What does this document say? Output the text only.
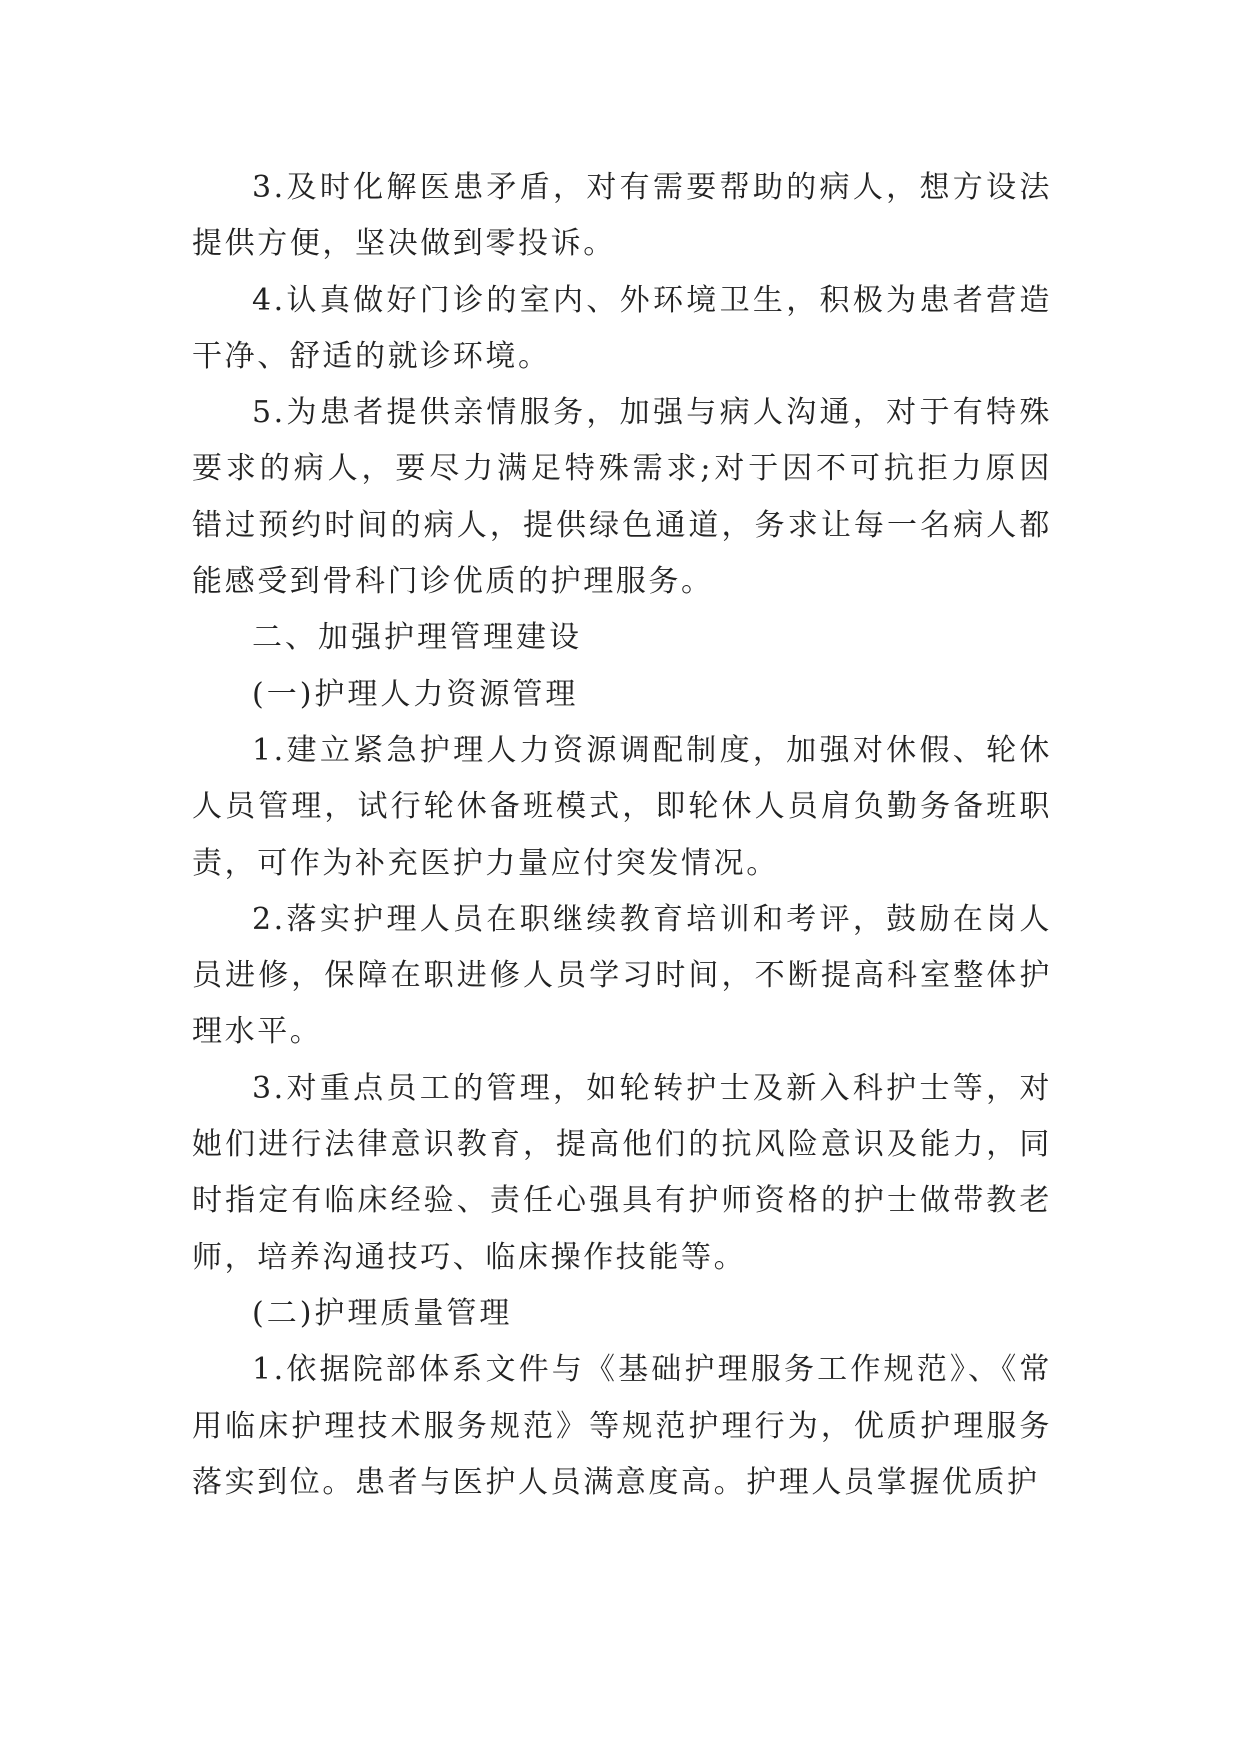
3.及时化解医患矛盾，对有需要帮助的病人，想方设法提供方便，坚决做到零投诉。

4.认真做好门诊的室内、外环境卫生，积极为患者营造干净、舒适的就诊环境。

5.为患者提供亲情服务，加强与病人沟通，对于有特殊要求的病人，要尽力满足特殊需求;对于因不可抗拒力原因错过预约时间的病人，提供绿色通道，务求让每一名病人都能感受到骨科门诊优质的护理服务。

二、加强护理管理建设

(一)护理人力资源管理

1.建立紧急护理人力资源调配制度，加强对休假、轮休人员管理，试行轮休备班模式，即轮休人员肩负勤务备班职责，可作为补充医护力量应付突发情况。

2.落实护理人员在职继续教育培训和考评，鼓励在岗人员进修，保障在职进修人员学习时间，不断提高科室整体护理水平。

3.对重点员工的管理，如轮转护士及新入科护士等，对她们进行法律意识教育，提高他们的抗风险意识及能力，同时指定有临床经验、责任心强具有护师资格的护士做带教老师，培养沟通技巧、临床操作技能等。

(二)护理质量管理

1.依据院部体系文件与《基础护理服务工作规范》、《常用临床护理技术服务规范》等规范护理行为，优质护理服务落实到位。患者与医护人员满意度高。护理人员掌握优质护
